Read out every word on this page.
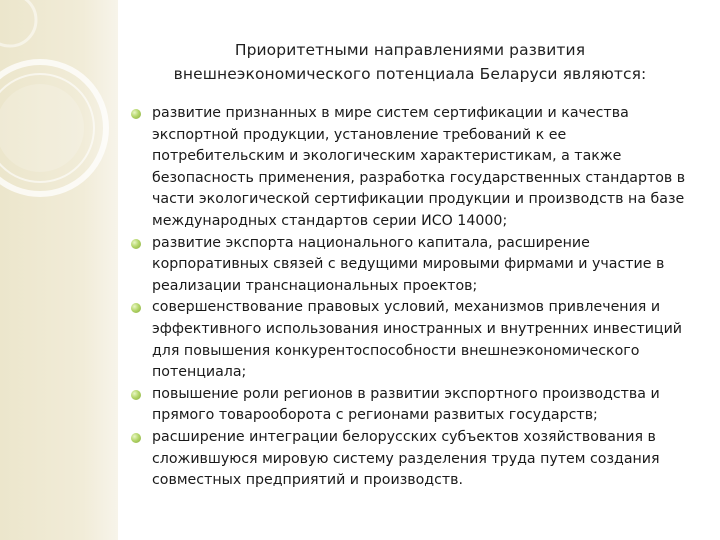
Приоритетными направлениями развития
внешнеэкономического потенциала Беларуси являются:
развитие признанных в мире систем сертификации и качества
экспортной продукции, установление требований к ее
потребительским и экологическим характеристикам, а также
безопасность применения, разработка государственных стандартов в
части экологической сертификации продукции и производств на базе
международных стандартов серии ИСО 14000;
развитие экспорта национального капитала, расширение
корпоративных связей с ведущими мировыми фирмами и участие в
реализации транснациональных проектов;
совершенствование правовых условий, механизмов привлечения и
эффективного использования иностранных и внутренних инвестиций
для повышения конкурентоспособности внешнеэкономического
потенциала;
повышение роли регионов в развитии экспортного производства и
прямого товарооборота с регионами развитых государств;
расширение интеграции белорусских субъектов хозяйствования в
сложившуюся мировую систему разделения труда путем создания
совместных предприятий и производств.
